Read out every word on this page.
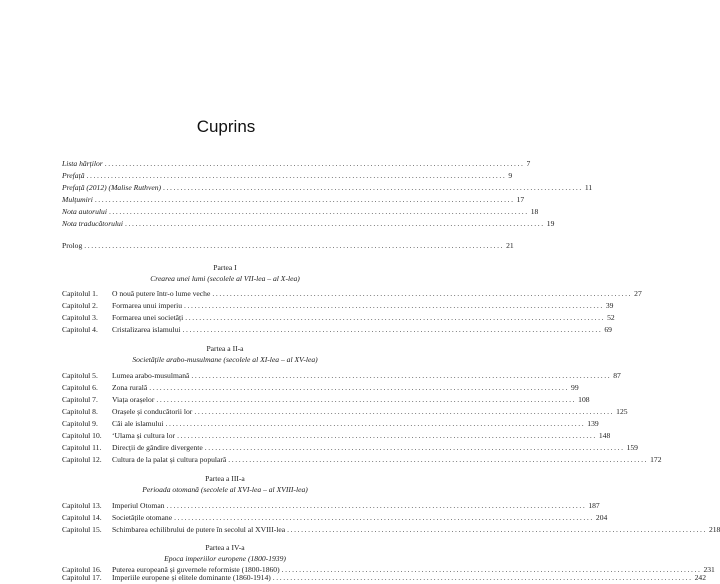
Cuprins
Lista hărților ........................................................................................................................ 7
Prefață ........................................................................................................................ 9
Prefață (2012) (Malise Ruthven) ........................................................................................................................ 11
Mulțumiri ........................................................................................................................ 17
Nota autorului ........................................................................................................................ 18
Nota traducătorului ........................................................................................................................ 19
Prolog ........................................................................................................................ 21
Partea I
Crearea unei lumi (secolele al VII-lea – al X-lea)
Capitolul 1.	O nouă putere într-o lume veche ........................................................................................................................ 27
Capitolul 2.	Formarea unui imperiu ........................................................................................................................ 39
Capitolul 3.	Formarea unei societăți ........................................................................................................................ 52
Capitolul 4.	Cristalizarea islamului ........................................................................................................................ 69
Partea a II-a
Societățile arabo-musulmane (secolele al XI-lea – al XV-lea)
Capitolul 5.	Lumea arabo-musulmană ........................................................................................................................ 87
Capitolul 6.	Zona rurală ........................................................................................................................ 99
Capitolul 7.	Viața orașelor ........................................................................................................................ 108
Capitolul 8.	Orașele și conducătorii lor ........................................................................................................................ 125
Capitolul 9.	Căi ale islamului ........................................................................................................................ 139
Capitolul 10.	‘Ulama și cultura lor ........................................................................................................................ 148
Capitolul 11.	Direcții de gândire divergente ........................................................................................................................ 159
Capitolul 12.	Cultura de la palat și cultura populară ........................................................................................................................ 172
Partea a III-a
Perioada otomană (secolele al XVI-lea – al XVIII-lea)
Capitolul 13.	Imperiul Otoman ........................................................................................................................ 187
Capitolul 14.	Societățile otomane ........................................................................................................................ 204
Capitolul 15.	Schimbarea echilibrului de putere în secolul al XVIII-lea ........................................................................................................................ 218
Partea a IV-a
Epoca imperiilor europene (1800-1939)
Capitolul 16.	Puterea europeană și guvernele reformiste (1800-1860) ........................................................................................................................ 231
Capitolul 17.	Imperiile europene și elitele dominante (1860-1914) ........................................................................................................................ 242
